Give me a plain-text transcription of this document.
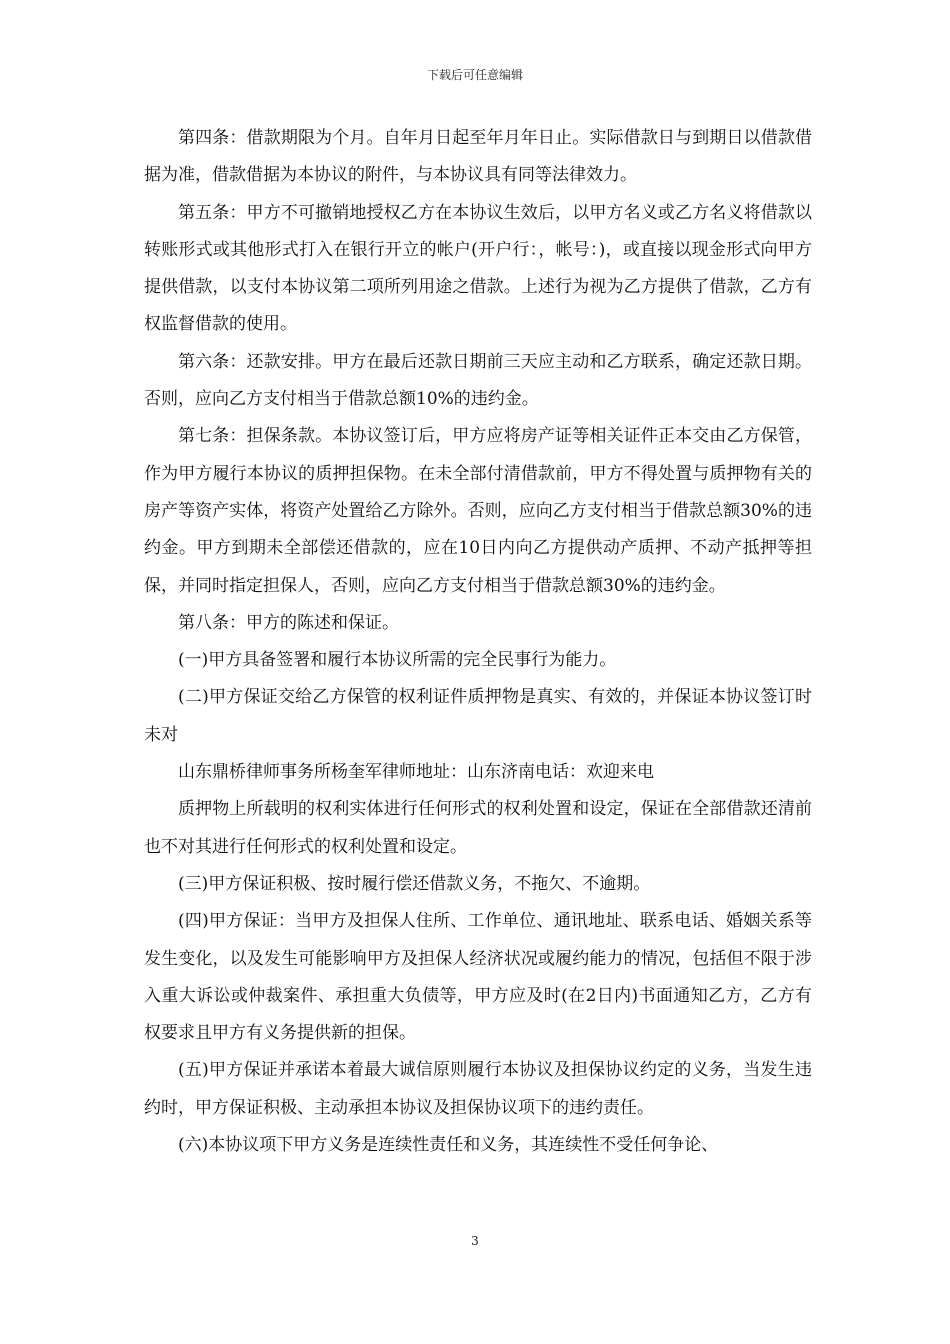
下载后可任意编辑

第四条：借款期限为个月。自年月日起至年月年日止。实际借款日与到期日以借款借据为准，借款借据为本协议的附件，与本协议具有同等法律效力。

第五条：甲方不可撤销地授权乙方在本协议生效后，以甲方名义或乙方名义将借款以转账形式或其他形式打入在银行开立的帐户(开户行：，帐号：)，或直接以现金形式向甲方提供借款，以支付本协议第二项所列用途之借款。上述行为视为乙方提供了借款，乙方有权监督借款的使用。

第六条：还款安排。甲方在最后还款日期前三天应主动和乙方联系，确定还款日期。否则，应向乙方支付相当于借款总额10%的违约金。

第七条：担保条款。本协议签订后，甲方应将房产证等相关证件正本交由乙方保管，作为甲方履行本协议的质押担保物。在未全部付清借款前，甲方不得处置与质押物有关的房产等资产实体，将资产处置给乙方除外。否则，应向乙方支付相当于借款总额30%的违约金。甲方到期未全部偿还借款的，应在10日内向乙方提供动产质押、不动产抵押等担保，并同时指定担保人，否则，应向乙方支付相当于借款总额30%的违约金。

第八条：甲方的陈述和保证。

(一)甲方具备签署和履行本协议所需的完全民事行为能力。

(二)甲方保证交给乙方保管的权利证件质押物是真实、有效的，并保证本协议签订时未对

山东鼎桥律师事务所杨奎军律师地址：山东济南电话：欢迎来电

质押物上所载明的权利实体进行任何形式的权利处置和设定，保证在全部借款还清前也不对其进行任何形式的权利处置和设定。

(三)甲方保证积极、按时履行偿还借款义务，不拖欠、不逾期。

(四)甲方保证：当甲方及担保人住所、工作单位、通讯地址、联系电话、婚姻关系等发生变化，以及发生可能影响甲方及担保人经济状况或履约能力的情况，包括但不限于涉入重大诉讼或仲裁案件、承担重大负债等，甲方应及时(在2日内)书面通知乙方，乙方有权要求且甲方有义务提供新的担保。

(五)甲方保证并承诺本着最大诚信原则履行本协议及担保协议约定的义务，当发生违约时，甲方保证积极、主动承担本协议及担保协议项下的违约责任。

(六)本协议项下甲方义务是连续性责任和义务，其连续性不受任何争论、

3
